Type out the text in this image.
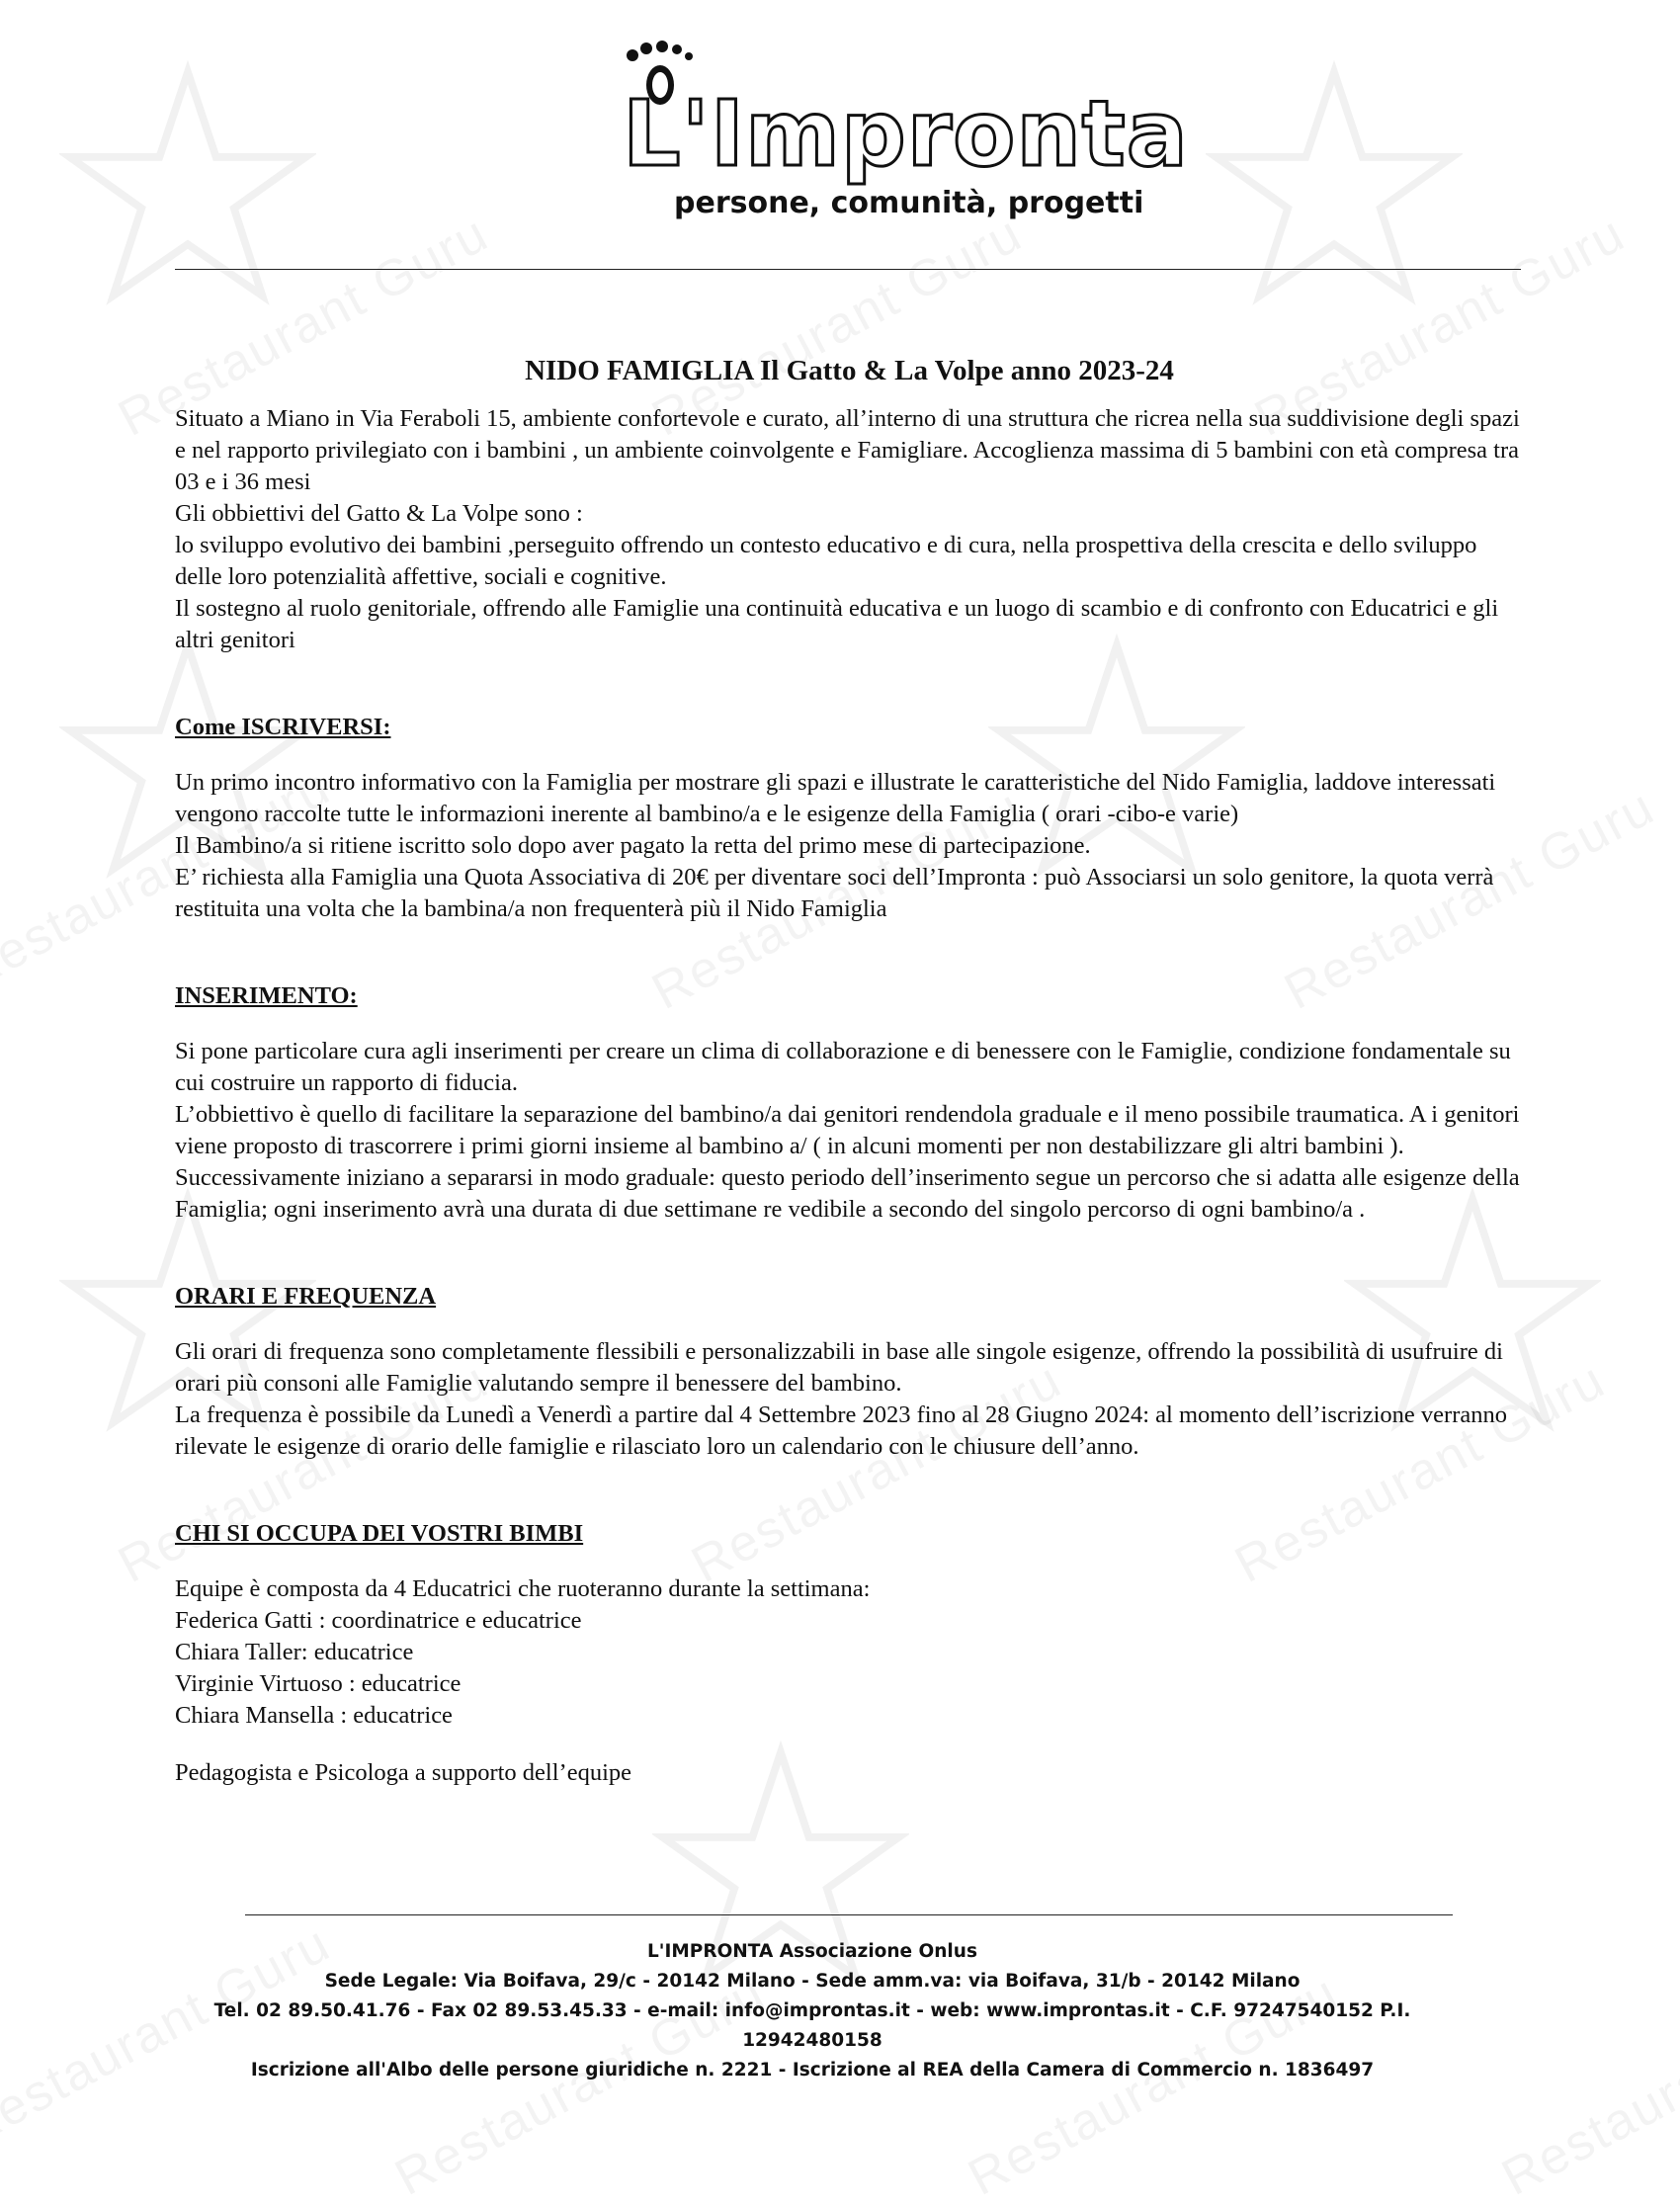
L'Impronta
persone, comunità, progetti
NIDO FAMIGLIA Il Gatto & La Volpe anno 2023-24

Situato a Miano in Via Feraboli 15, ambiente confortevole e curato, all’interno di una struttura che ricrea nella sua suddivisione degli spazi e nel rapporto privilegiato con i bambini , un ambiente coinvolgente e Famigliare. Accoglienza massima di 5 bambini con età compresa tra 03 e i 36 mesi

Gli obbiettivi del Gatto & La Volpe sono :

lo sviluppo evolutivo dei bambini ,perseguito offrendo un contesto educativo e di cura, nella prospettiva della crescita e dello sviluppo delle loro potenzialità affettive, sociali e cognitive.

Il sostegno al ruolo genitoriale, offrendo alle Famiglie una continuità educativa e un luogo di scambio e di confronto con Educatrici e gli altri genitori

Come ISCRIVERSI:

Un primo incontro informativo con la Famiglia per mostrare gli spazi e illustrate le caratteristiche del Nido Famiglia, laddove interessati vengono raccolte tutte le informazioni inerente al bambino/a e le esigenze della Famiglia ( orari -cibo-e varie)

Il Bambino/a si ritiene iscritto solo dopo aver pagato la retta del primo mese di partecipazione.

E’ richiesta alla Famiglia una Quota Associativa di 20€ per diventare soci dell’Impronta : può Associarsi un solo genitore, la quota verrà restituita una volta che la bambina/a non frequenterà più il Nido Famiglia

INSERIMENTO:

Si pone particolare cura agli inserimenti per creare un clima di collaborazione e di benessere con le Famiglie, condizione fondamentale su cui costruire un rapporto di fiducia.

L’obbiettivo è quello di facilitare la separazione del bambino/a dai genitori rendendola graduale e il meno possibile traumatica. A i genitori viene proposto di trascorrere i primi giorni insieme al bambino a/ ( in alcuni momenti per non destabilizzare gli altri bambini ).

Successivamente iniziano a separarsi in modo graduale: questo periodo dell’inserimento segue un percorso che si adatta alle esigenze della Famiglia; ogni inserimento avrà una durata di due settimane re vedibile a secondo del singolo percorso di ogni bambino/a .

ORARI E FREQUENZA

Gli orari di frequenza sono completamente flessibili e personalizzabili in base alle singole esigenze, offrendo la possibilità di usufruire di orari più consoni alle Famiglie valutando sempre il benessere del bambino.

La frequenza è possibile da Lunedì a Venerdì a partire dal 4 Settembre 2023 fino al 28 Giugno 2024: al momento dell’iscrizione verranno rilevate le esigenze di orario delle famiglie e rilasciato loro un calendario con le chiusure dell’anno.

CHI SI OCCUPA DEI VOSTRI BIMBI

Equipe è composta da 4 Educatrici che ruoteranno durante la settimana:

Federica Gatti : coordinatrice e educatrice

Chiara Taller: educatrice

Virginie Virtuoso : educatrice

Chiara Mansella : educatrice

Pedagogista e Psicologa a supporto dell’equipe

L'IMPRONTA Associazione Onlus
Sede Legale: Via Boifava, 29/c - 20142 Milano - Sede amm.va: via Boifava, 31/b - 20142 Milano
Tel. 02 89.50.41.76 - Fax 02 89.53.45.33 - e-mail: info@improntas.it - web: www.improntas.it - C.F. 97247540152 P.I. 12942480158
Iscrizione all'Albo delle persone giuridiche n. 2221 - Iscrizione al REA della Camera di Commercio n. 1836497
